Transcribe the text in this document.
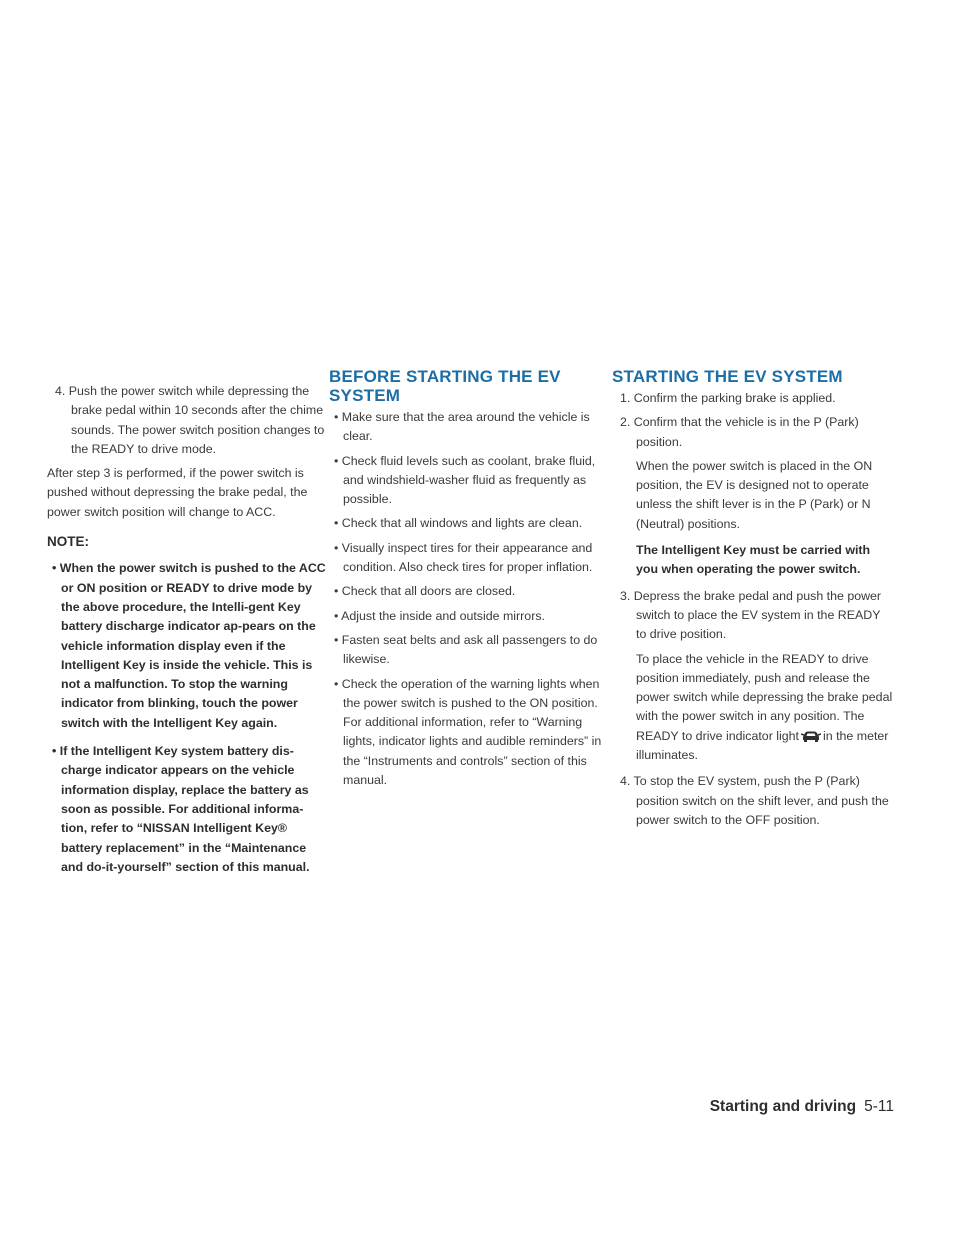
4. Push the power switch while depressing the brake pedal within 10 seconds after the chime sounds. The power switch position changes to the READY to drive mode.

After step 3 is performed, if the power switch is pushed without depressing the brake pedal, the power switch position will change to ACC.

NOTE:

• When the power switch is pushed to the ACC or ON position or READY to drive mode by the above procedure, the Intelli-gent Key battery discharge indicator ap-pears on the vehicle information display even if the Intelligent Key is inside the vehicle. This is not a malfunction. To stop the warning indicator from blinking, touch the power switch with the Intelligent Key again.

• If the Intelligent Key system battery dis-charge indicator appears on the vehicle information display, replace the battery as soon as possible. For additional informa-tion, refer to “NISSAN Intelligent Key® battery replacement” in the “Maintenance and do-it-yourself” section of this manual.

BEFORE STARTING THE EV SYSTEM

• Make sure that the area around the vehicle is clear.

• Check fluid levels such as coolant, brake fluid, and windshield-washer fluid as frequently as possible.

• Check that all windows and lights are clean.

• Visually inspect tires for their appearance and condition. Also check tires for proper inflation.

• Check that all doors are closed.

• Adjust the inside and outside mirrors.

• Fasten seat belts and ask all passengers to do likewise.

• Check the operation of the warning lights when the power switch is pushed to the ON position. For additional information, refer to “Warning lights, indicator lights and audible reminders” in the “Instruments and controls” section of this manual.

STARTING THE EV SYSTEM

1. Confirm the parking brake is applied.

2. Confirm that the vehicle is in the P (Park) position.

When the power switch is placed in the ON position, the EV is designed not to operate unless the shift lever is in the P (Park) or N (Neutral) positions.

The Intelligent Key must be carried with you when operating the power switch.

3. Depress the brake pedal and push the power switch to place the EV system in the READY to drive position.

To place the vehicle in the READY to drive position immediately, push and release the power switch while depressing the brake pedal with the power switch in any position. The READY to drive indicator light in the meter illuminates.

4. To stop the EV system, push the P (Park) position switch on the shift lever, and push the power switch to the OFF position.

Starting and driving 5-11
